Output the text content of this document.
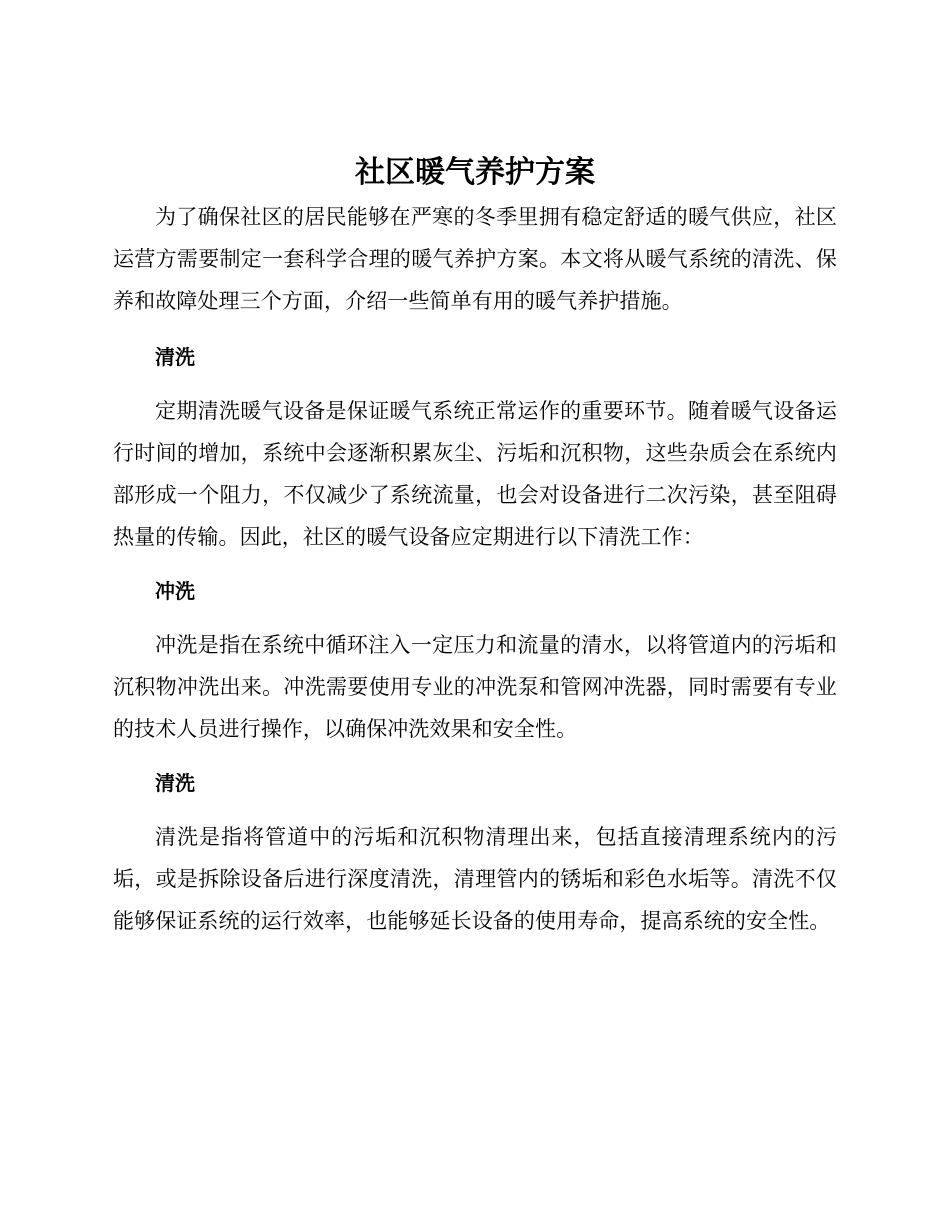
社区暖气养护方案

为了确保社区的居民能够在严寒的冬季里拥有稳定舒适的暖气供应，社区运营方需要制定一套科学合理的暖气养护方案。本文将从暖气系统的清洗、保养和故障处理三个方面，介绍一些简单有用的暖气养护措施。

清洗

定期清洗暖气设备是保证暖气系统正常运作的重要环节。随着暖气设备运行时间的增加，系统中会逐渐积累灰尘、污垢和沉积物，这些杂质会在系统内部形成一个阻力，不仅减少了系统流量，也会对设备进行二次污染，甚至阻碍热量的传输。因此，社区的暖气设备应定期进行以下清洗工作：

冲洗

冲洗是指在系统中循环注入一定压力和流量的清水，以将管道内的污垢和沉积物冲洗出来。冲洗需要使用专业的冲洗泵和管网冲洗器，同时需要有专业的技术人员进行操作，以确保冲洗效果和安全性。

清洗

清洗是指将管道中的污垢和沉积物清理出来，包括直接清理系统内的污垢，或是拆除设备后进行深度清洗，清理管内的锈垢和彩色水垢等。清洗不仅能够保证系统的运行效率，也能够延长设备的使用寿命，提高系统的安全性。
